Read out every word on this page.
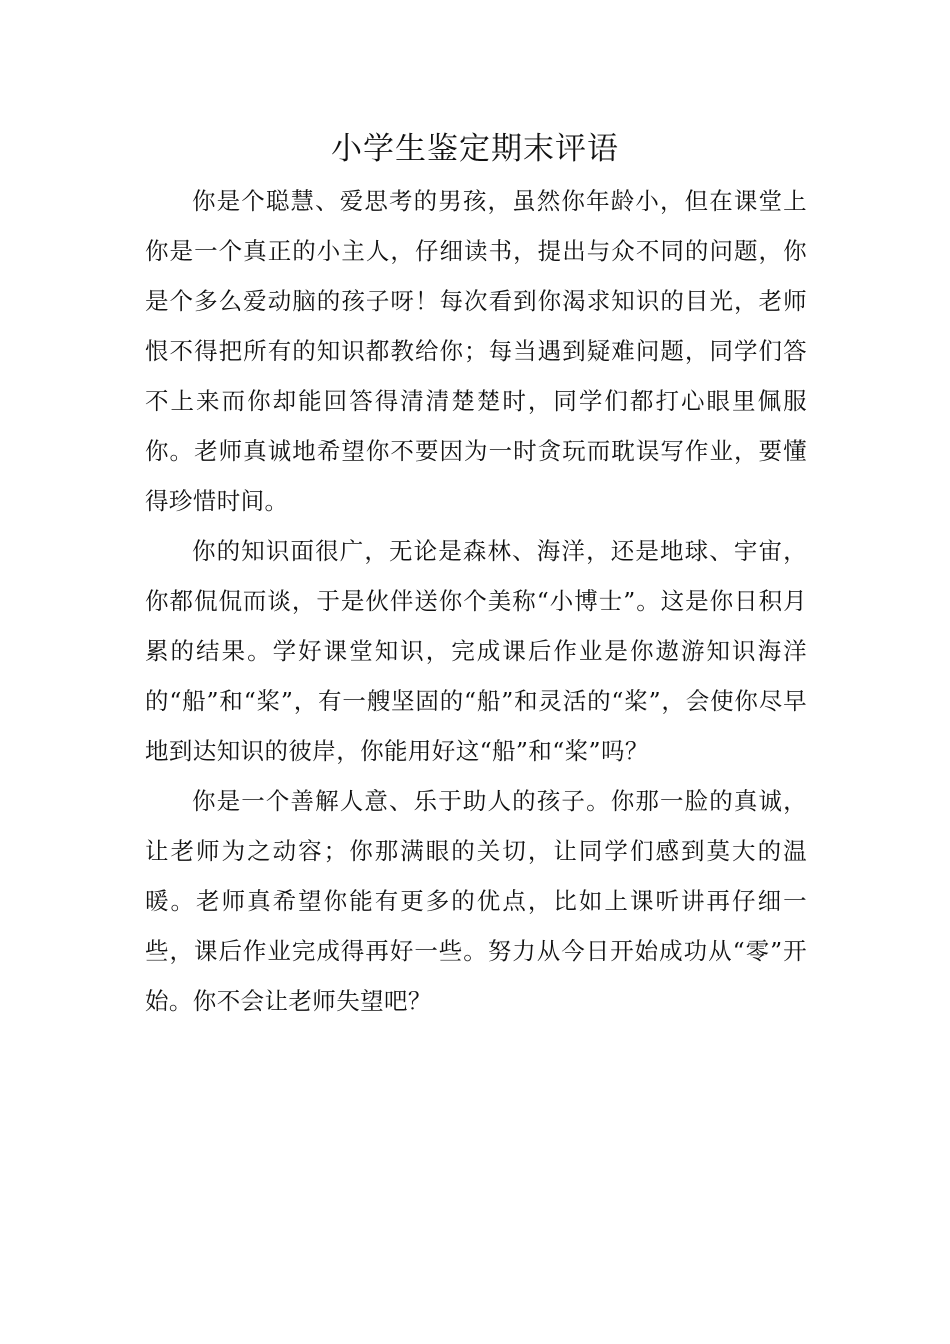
小学生鉴定期末评语

你是个聪慧、爱思考的男孩，虽然你年龄小，但在课堂上你是一个真正的小主人，仔细读书，提出与众不同的问题，你是个多么爱动脑的孩子呀！每次看到你渴求知识的目光，老师恨不得把所有的知识都教给你；每当遇到疑难问题，同学们答不上来而你却能回答得清清楚楚时，同学们都打心眼里佩服你。老师真诚地希望你不要因为一时贪玩而耽误写作业，要懂得珍惜时间。

你的知识面很广，无论是森林、海洋，还是地球、宇宙，你都侃侃而谈，于是伙伴送你个美称“小博士”。这是你日积月累的结果。学好课堂知识，完成课后作业是你遨游知识海洋的“船”和“桨”，有一艘坚固的“船”和灵活的“桨”，会使你尽早地到达知识的彼岸，你能用好这“船”和“桨”吗？

你是一个善解人意、乐于助人的孩子。你那一脸的真诚，让老师为之动容；你那满眼的关切，让同学们感到莫大的温暖。老师真希望你能有更多的优点，比如上课听讲再仔细一些，课后作业完成得再好一些。努力从今日开始成功从“零”开始。你不会让老师失望吧？
